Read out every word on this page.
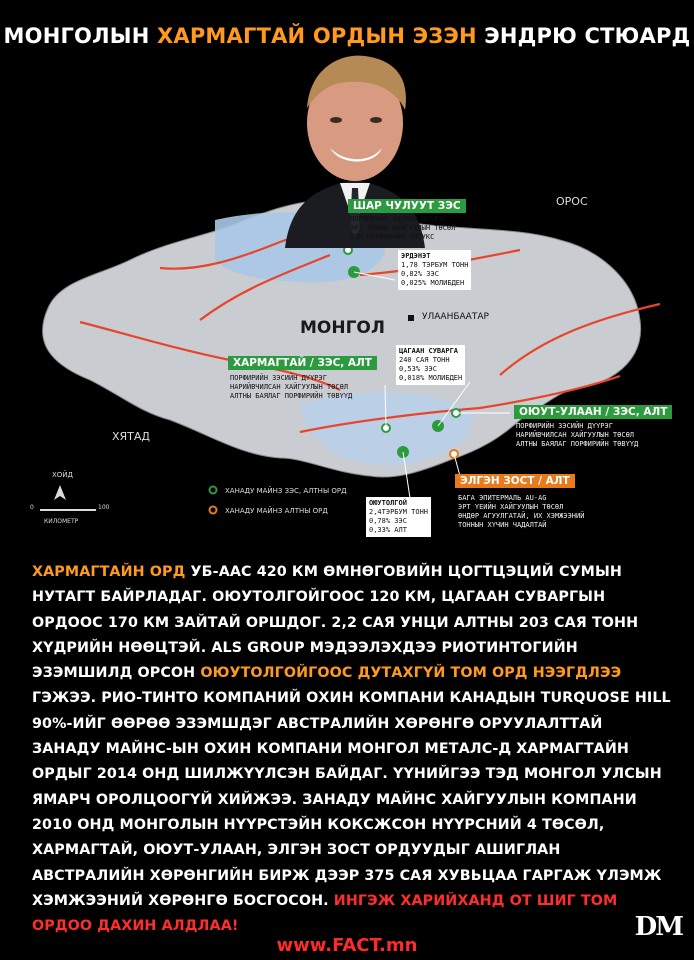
МОНГОЛЫН ХАРМАГТАЙ ОРДЫН ЭЗЭН ЭНДРЮ СТЮАРД
ОРОС
МОНГОЛ
УЛААНБААТАР
ХЯТАД
ХОЙД
0	100
КИЛОМЕТР
ШАР ЧУЛУУТ ЗЭС
ПОРФИРИЙН ЗЭСИЙН ДҮҮРЭГ
ЭРТ ҮЕИЙН ХАЙГУУЛЫН ТӨСӨЛ
ТОМ ПОРФИРИЙН ЛИТУКС
ЭРДЭНЭТ
1,78 ТЭРБУМ ТОНН
0,82% ЗЭС
0,025% МОЛИБДЕН
ХАРМАГТАЙ / ЗЭС, АЛТ
ПОРФИРИЙН ЗЭСИЙН ДҮҮРЭГ
НАРИЙВЧИЛСАН ХАЙГУУЛЫН ТӨСӨЛ
АЛТНЫ БАЯЛАГ ПОРФИРИЙН ТӨВҮҮД
ЦАГААН СУВАРГА
240 САЯ ТОНН
0,53% ЗЭС
0,018% МОЛИБДЕН
ОЮУТ-УЛААН / ЗЭС, АЛТ
ПОРФИРИЙН ЗЭСИЙН ДҮҮРЭГ
НАРИЙВЧИЛСАН ХАЙГУУЛЫН ТӨСӨЛ
АЛТНЫ БАЯЛАГ ПОРФИРИЙН ТӨВҮҮД
ОЮУТОЛГОЙ
2,4ТЭРБУМ ТОНН
0,78% ЗЭС
0,33% АЛТ
ЭЛГЭН ЗОСТ / АЛТ
БАГА ЭПИТЕРМАЛЬ AU-AG
ЭРТ ҮЕИЙН ХАЙГУУЛЫН ТӨСӨЛ
ӨНДӨР АГУУЛГАТАЙ, ИХ ХЭМЖЭЭНИЙ
ТОННЫН ХҮЧИН ЧАДАЛТАЙ
ХАНАДУ МАЙНЗ ЗЭС, АЛТНЫ ОРД
ХАНАДУ МАЙНЗ АЛТНЫ ОРД
ХАРМАГТАЙН ОРД УБ-ААС 420 КМ ӨМНӨГОВИЙН ЦОГТЦЭЦИЙ СУМЫН НУТАГТ БАЙРЛАДАГ. ОЮУТОЛГОЙГООС 120 КМ, ЦАГААН СУВАРГЫН ОРДООС 170 КМ ЗАЙТАЙ ОРШДОГ. 2,2 САЯ УНЦИ АЛТНЫ 203 САЯ ТОНН ХҮДРИЙН НӨӨЦТЭЙ. ALS GROUP МЭДЭЭЛЭХДЭЭ РИОТИНТОГИЙН ЭЗЭМШИЛД ОРСОН ОЮУТОЛГОЙГООС ДУТАХГҮЙ ТОМ ОРД НЭЭГДЛЭЭ ГЭЖЭЭ. РИО-ТИНТО КОМПАНИЙ ОХИН КОМПАНИ КАНАДЫН TURQUOSE HILL 90%-ИЙГ ӨӨРӨӨ ЭЗЭМШДЭГ АВСТРАЛИЙН ХӨРӨНГӨ ОРУУЛАЛТТАЙ ЗАНАДУ МАЙНС-ЫН ОХИН КОМПАНИ МОНГОЛ МЕТАЛС-Д ХАРМАГТАЙН ОРДЫГ 2014 ОНД ШИЛЖҮҮЛСЭН БАЙДАГ. ҮҮНИЙГЭЭ ТЭД МОНГОЛ УЛСЫН ЯМАРЧ ОРОЛЦООГҮЙ ХИЙЖЭЭ. ЗАНАДУ МАЙНС ХАЙГУУЛЫН КОМПАНИ 2010 ОНД МОНГОЛЫН НҮҮРСТЭЙН КОКСЖСОН НҮҮРСНИЙ 4 ТӨСӨЛ, ХАРМАГТАЙ, ОЮУТ-УЛААН, ЭЛГЭН ЗОСТ ОРДУУДЫГ АШИГЛАН АВСТРАЛИЙН ХӨРӨНГИЙН БИРЖ ДЭЭР 375 САЯ ХУВЬЦАА ГАРГАЖ ҮЛЭМЖ ХЭМЖЭЭНИЙ ХӨРӨНГӨ БОСГОСОН. ИНГЭЖ ХАРИЙХАНД ОТ ШИГ ТОМ ОРДОО ДАХИН АЛДЛАА!	DM
www.FACT.mn
